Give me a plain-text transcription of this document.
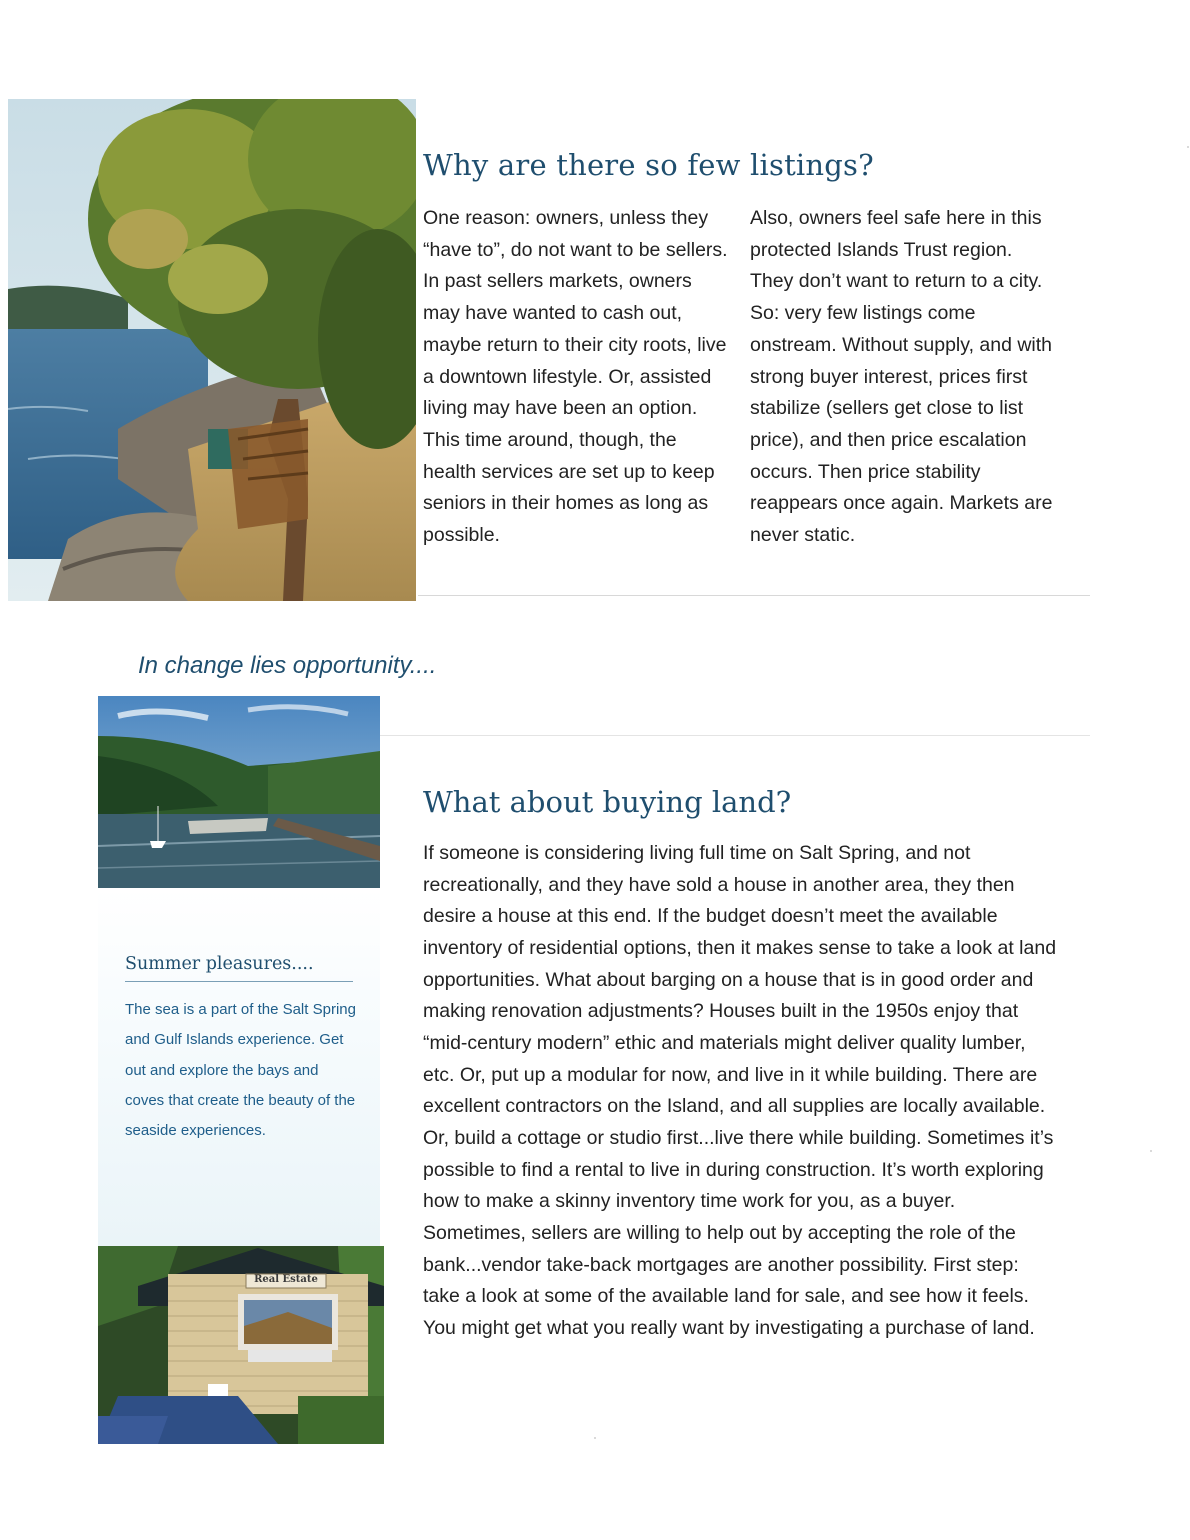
Why are there so few listings?
One reason: owners, unless they “have to”, do not want to be sellers. In past sellers markets, owners may have wanted to cash out, maybe return to their city roots, live a downtown lifestyle. Or, assisted living may have been an option. This time around, though, the health services are set up to keep seniors in their homes as long as possible.
Also, owners feel safe here in this protected Islands Trust region. They don’t want to return to a city. So: very few listings come onstream. Without supply, and with strong buyer interest, prices first stabilize (sellers get close to list price), and then price escalation occurs. Then price stability reappears once again. Markets are never static.
In change lies opportunity....
Summer pleasures....
The sea is a part of the Salt Spring and Gulf Islands experience. Get out and explore the bays and coves that create the beauty of the seaside experiences.
Real Estate
What about buying land?
If someone is considering living full time on Salt Spring, and not recreationally, and they have sold a house in another area, they then desire a house at this end. If the budget doesn’t meet the available inventory of residential options, then it makes sense to take a look at land opportunities. What about barging on a house that is in good order and making renovation adjustments? Houses built in the 1950s enjoy that “mid-century modern” ethic and materials might deliver quality lumber, etc. Or, put up a modular for now, and live in it while building. There are excellent contractors on the Island, and all supplies are locally available. Or, build a cottage or studio first...live there while building. Sometimes it’s possible to find a rental to live in during construction. It’s worth exploring how to make a skinny inventory time work for you, as a buyer. Sometimes, sellers are willing to help out by accepting the role of the bank...vendor take-back mortgages are another possibility. First step: take a look at some of the available land for sale, and see how it feels. You might get what you really want by investigating a purchase of land.
